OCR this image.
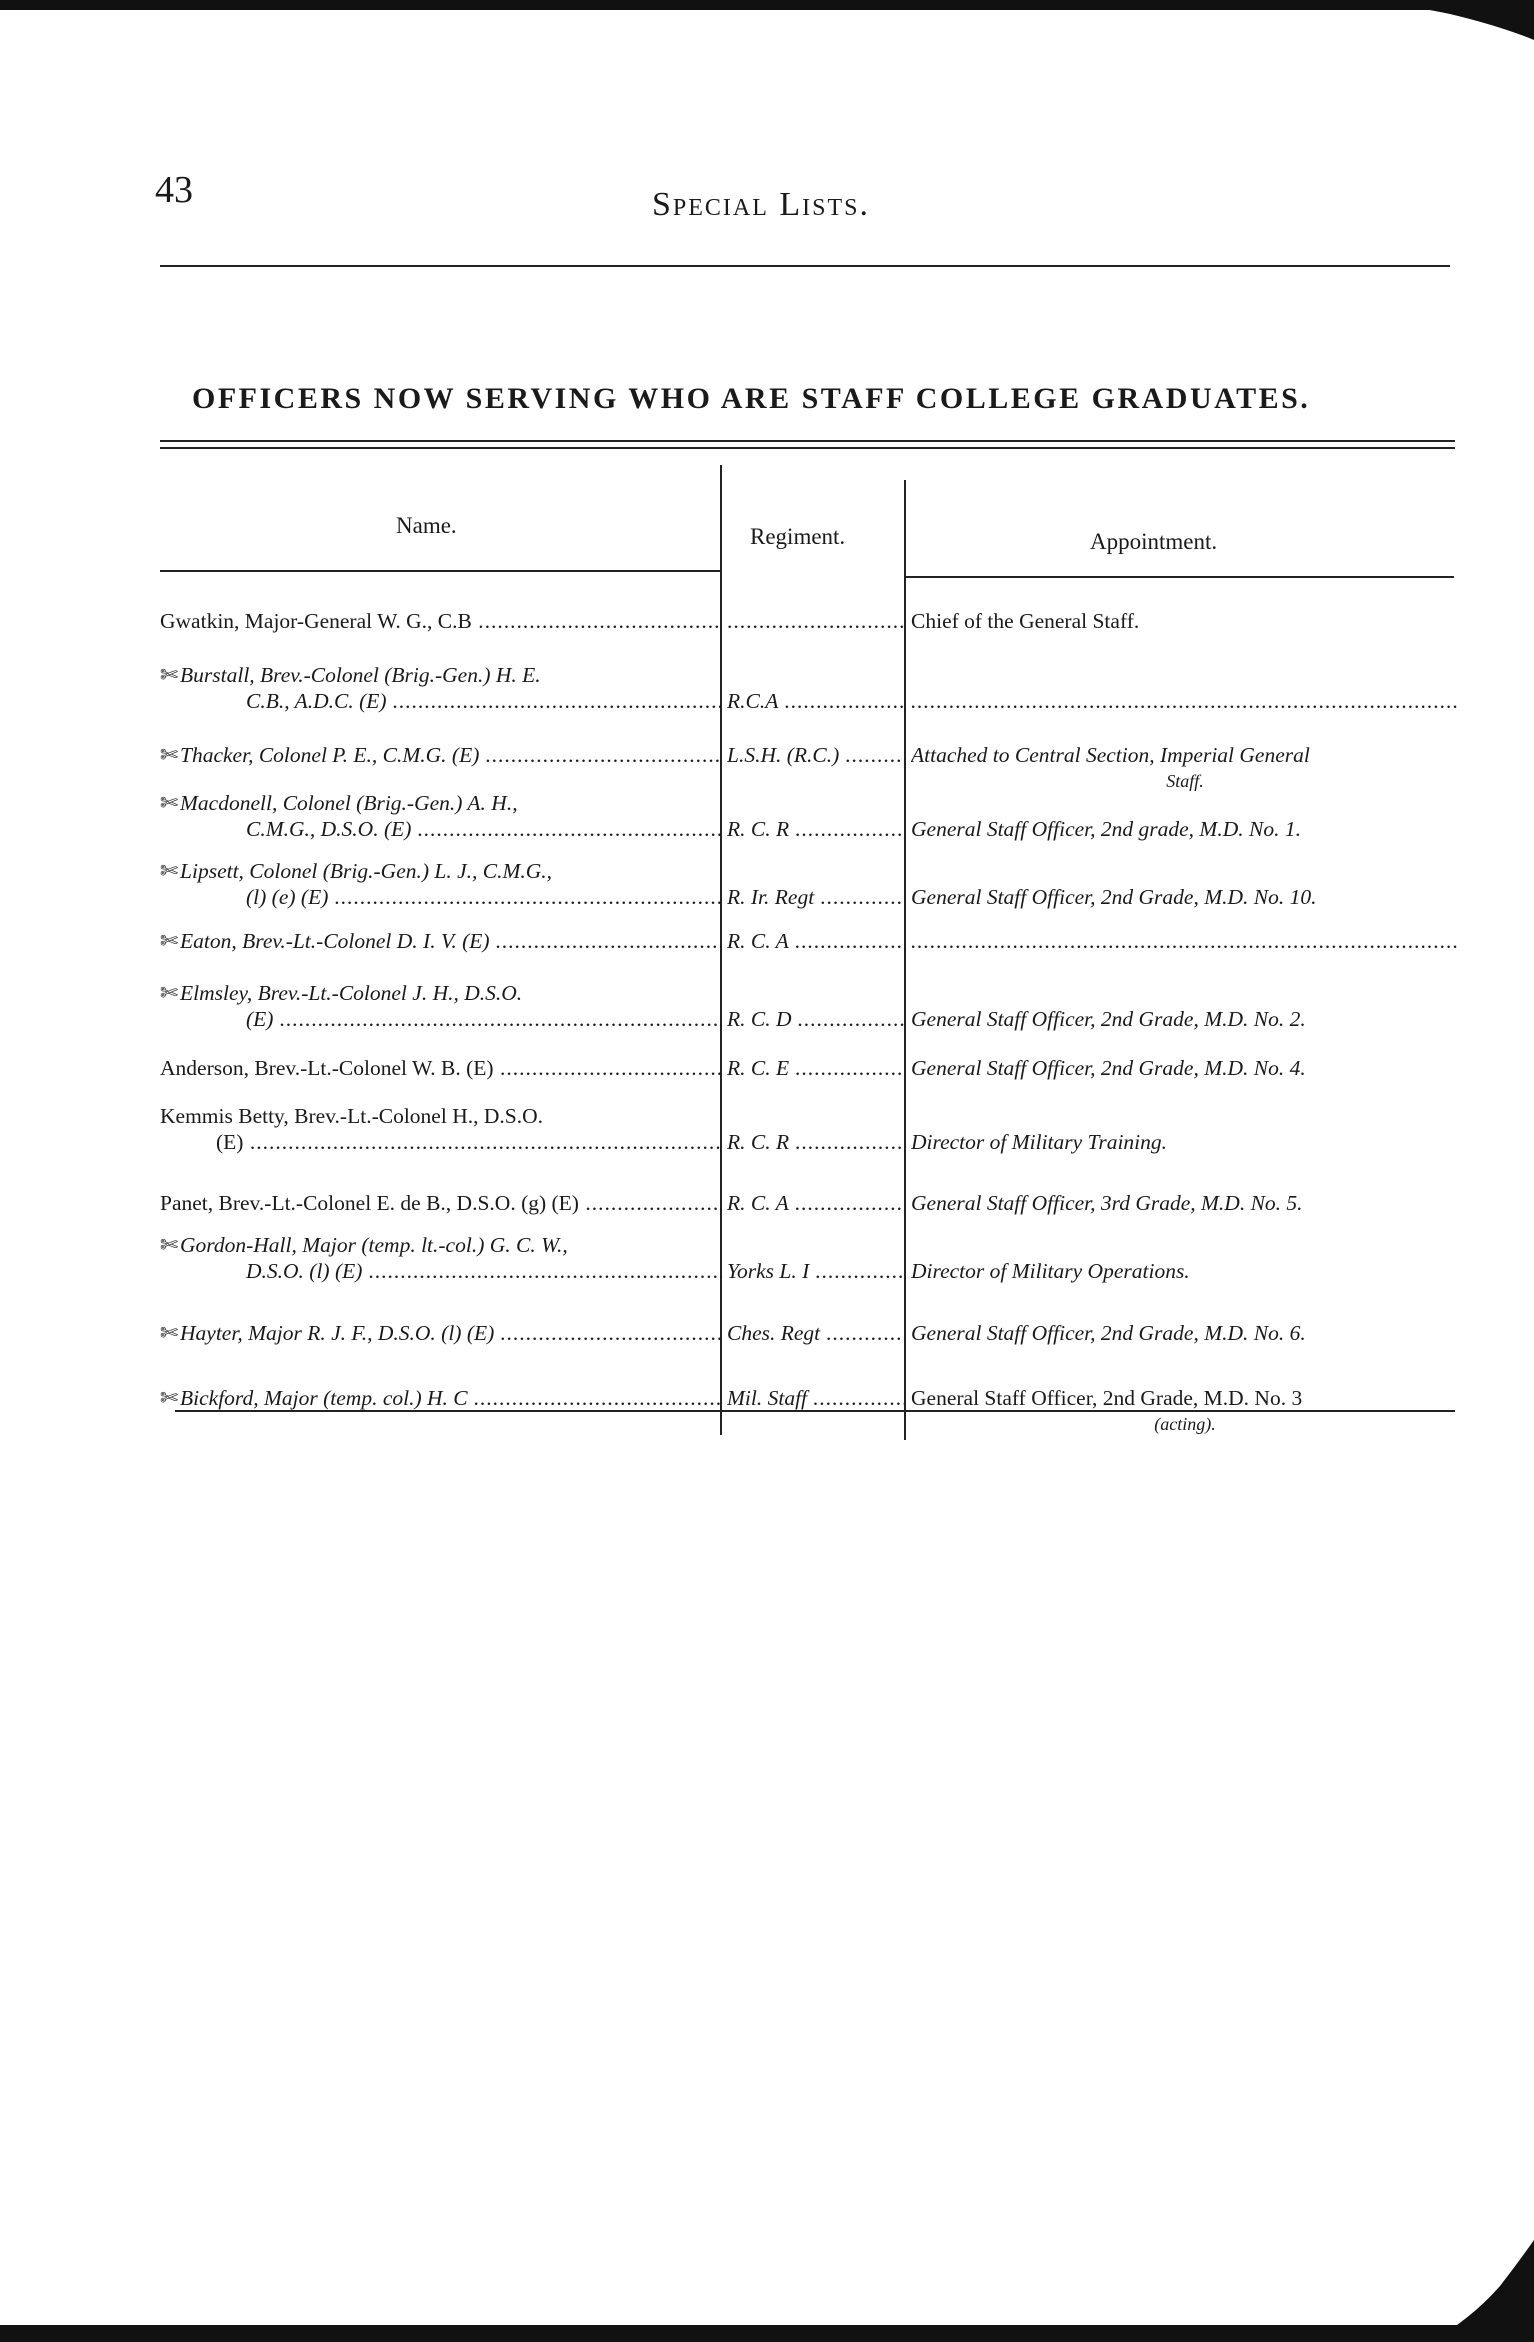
43	Special Lists.
OFFICERS NOW SERVING WHO ARE STAFF COLLEGE GRADUATES.
Name.	Regiment.	Appointment.
Gwatkin, Major-General W. G., C.B .....
.....	Chief of the General Staff.
✄Burstall, Brev.-Colonel (Brig.-Gen.) H. E.
C.B., A.D.C. (E) .....	R.C.A .....
.....
✄Thacker, Colonel P. E., C.M.G. (E) .....	L.S.H. (R.C.) .....	Attached to Central Section, Imperial General
Staff.
✄Macdonell, Colonel (Brig.-Gen.) A. H.,
C.M.G., D.S.O. (E) .....	R. C. R .....	General Staff Officer, 2nd grade, M.D. No. 1.
✄Lipsett, Colonel (Brig.-Gen.) L. J., C.M.G.,
(l) (e) (E) .....	R. Ir. Regt .....	General Staff Officer, 2nd Grade, M.D. No. 10.
✄Eaton, Brev.-Lt.-Colonel D. I. V. (E) .....	R. C. A .....
.....
✄Elmsley, Brev.-Lt.-Colonel J. H., D.S.O.
(E) .....	R. C. D .....	General Staff Officer, 2nd Grade, M.D. No. 2.
Anderson, Brev.-Lt.-Colonel W. B. (E) .....	R. C. E .....	General Staff Officer, 2nd Grade, M.D. No. 4.
Kemmis Betty, Brev.-Lt.-Colonel H., D.S.O.
(E) .....	R. C. R .....	Director of Military Training.
Panet, Brev.-Lt.-Colonel E. de B., D.S.O. (g) (E) .....	R. C. A .....	General Staff Officer, 3rd Grade, M.D. No. 5.
✄Gordon-Hall, Major (temp. lt.-col.) G. C. W.,
D.S.O. (l) (E) .....	Yorks L. I .....	Director of Military Operations.
✄Hayter, Major R. J. F., D.S.O. (l) (E) .....	Ches. Regt .....	General Staff Officer, 2nd Grade, M.D. No. 6.
✄Bickford, Major (temp. col.) H. C .....	Mil. Staff .....	General Staff Officer, 2nd Grade, M.D. No. 3
(acting).
